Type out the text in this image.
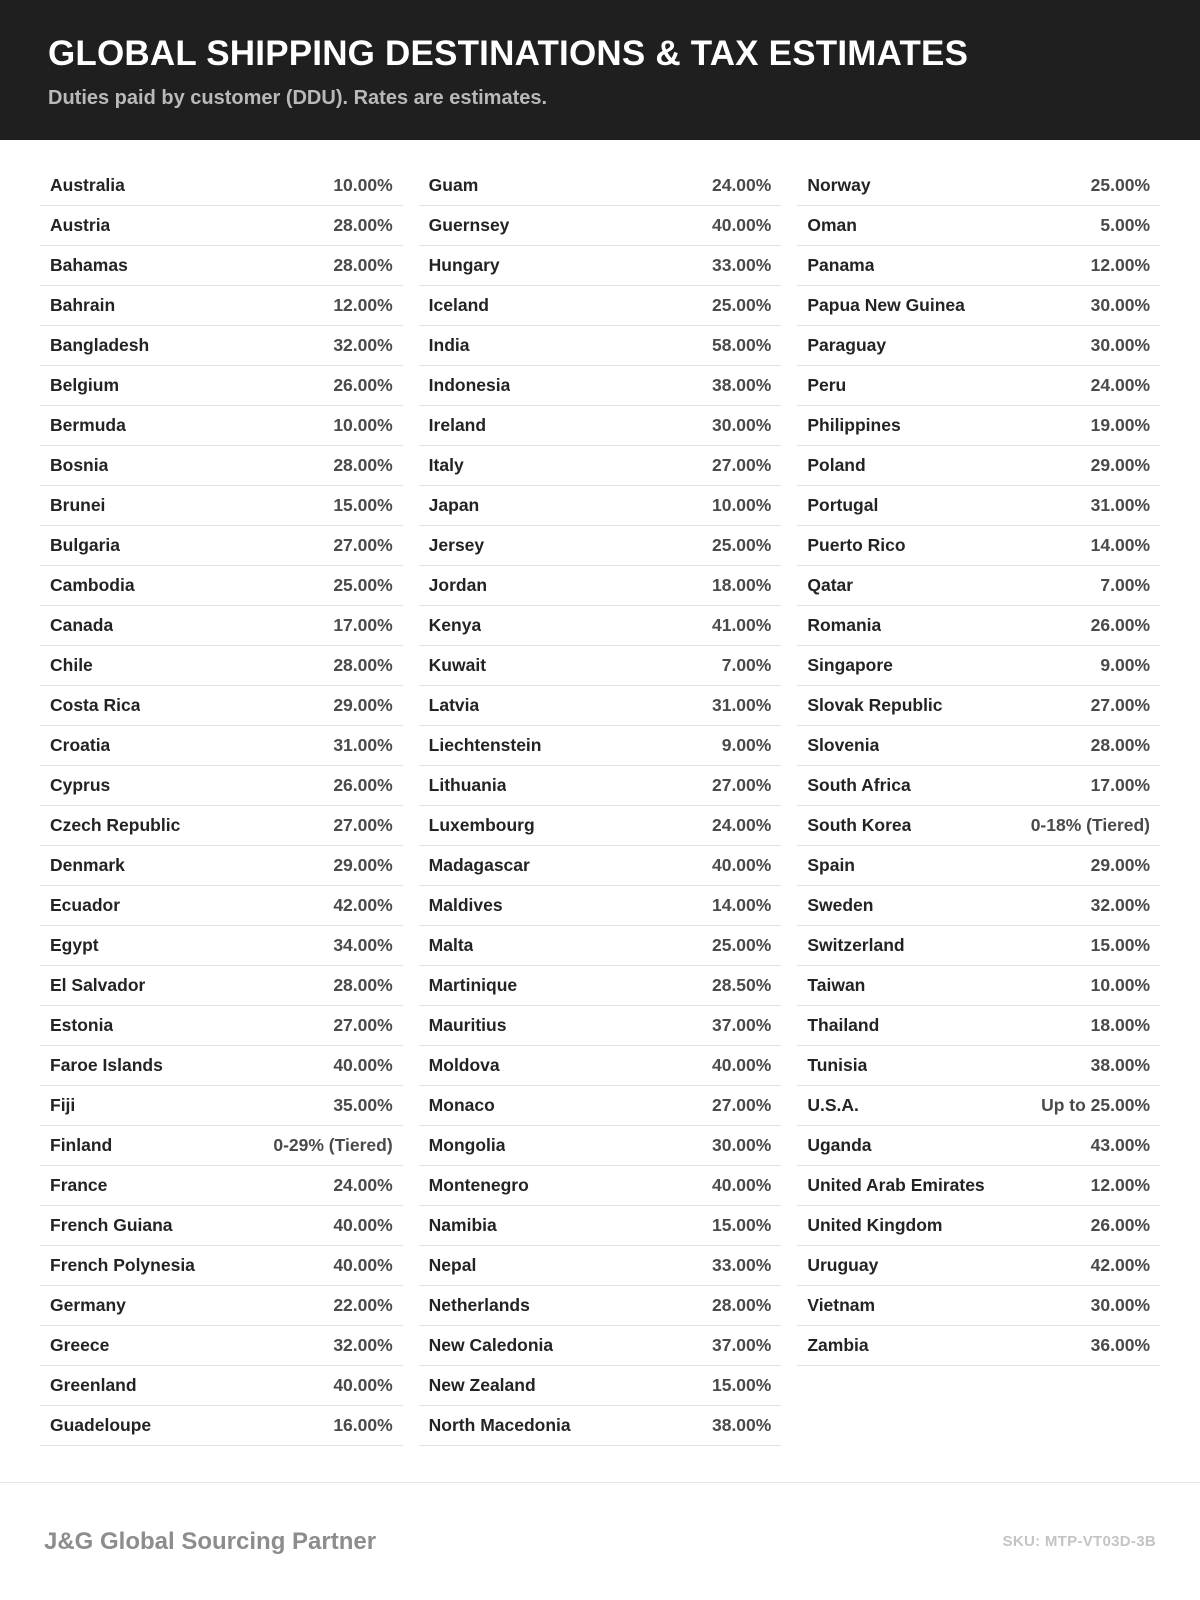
GLOBAL SHIPPING DESTINATIONS & TAX ESTIMATES

Duties paid by customer (DDU). Rates are estimates.

Australia	10.00%
Austria	28.00%
Bahamas	28.00%
Bahrain	12.00%
Bangladesh	32.00%
Belgium	26.00%
Bermuda	10.00%
Bosnia	28.00%
Brunei	15.00%
Bulgaria	27.00%
Cambodia	25.00%
Canada	17.00%
Chile	28.00%
Costa Rica	29.00%
Croatia	31.00%
Cyprus	26.00%
Czech Republic	27.00%
Denmark	29.00%
Ecuador	42.00%
Egypt	34.00%
El Salvador	28.00%
Estonia	27.00%
Faroe Islands	40.00%
Fiji	35.00%
Finland	0-29% (Tiered)
France	24.00%
French Guiana	40.00%
French Polynesia	40.00%
Germany	22.00%
Greece	32.00%
Greenland	40.00%
Guadeloupe	16.00%
Guam	24.00%
Guernsey	40.00%
Hungary	33.00%
Iceland	25.00%
India	58.00%
Indonesia	38.00%
Ireland	30.00%
Italy	27.00%
Japan	10.00%
Jersey	25.00%
Jordan	18.00%
Kenya	41.00%
Kuwait	7.00%
Latvia	31.00%
Liechtenstein	9.00%
Lithuania	27.00%
Luxembourg	24.00%
Madagascar	40.00%
Maldives	14.00%
Malta	25.00%
Martinique	28.50%
Mauritius	37.00%
Moldova	40.00%
Monaco	27.00%
Mongolia	30.00%
Montenegro	40.00%
Namibia	15.00%
Nepal	33.00%
Netherlands	28.00%
New Caledonia	37.00%
New Zealand	15.00%
North Macedonia	38.00%
Norway	25.00%
Oman	5.00%
Panama	12.00%
Papua New Guinea	30.00%
Paraguay	30.00%
Peru	24.00%
Philippines	19.00%
Poland	29.00%
Portugal	31.00%
Puerto Rico	14.00%
Qatar	7.00%
Romania	26.00%
Singapore	9.00%
Slovak Republic	27.00%
Slovenia	28.00%
South Africa	17.00%
South Korea	0-18% (Tiered)
Spain	29.00%
Sweden	32.00%
Switzerland	15.00%
Taiwan	10.00%
Thailand	18.00%
Tunisia	38.00%
U.S.A.	Up to 25.00%
Uganda	43.00%
United Arab Emirates	12.00%
United Kingdom	26.00%
Uruguay	42.00%
Vietnam	30.00%
Zambia	36.00%
J&G Global Sourcing Partner	SKU: MTP-VT03D-3B
